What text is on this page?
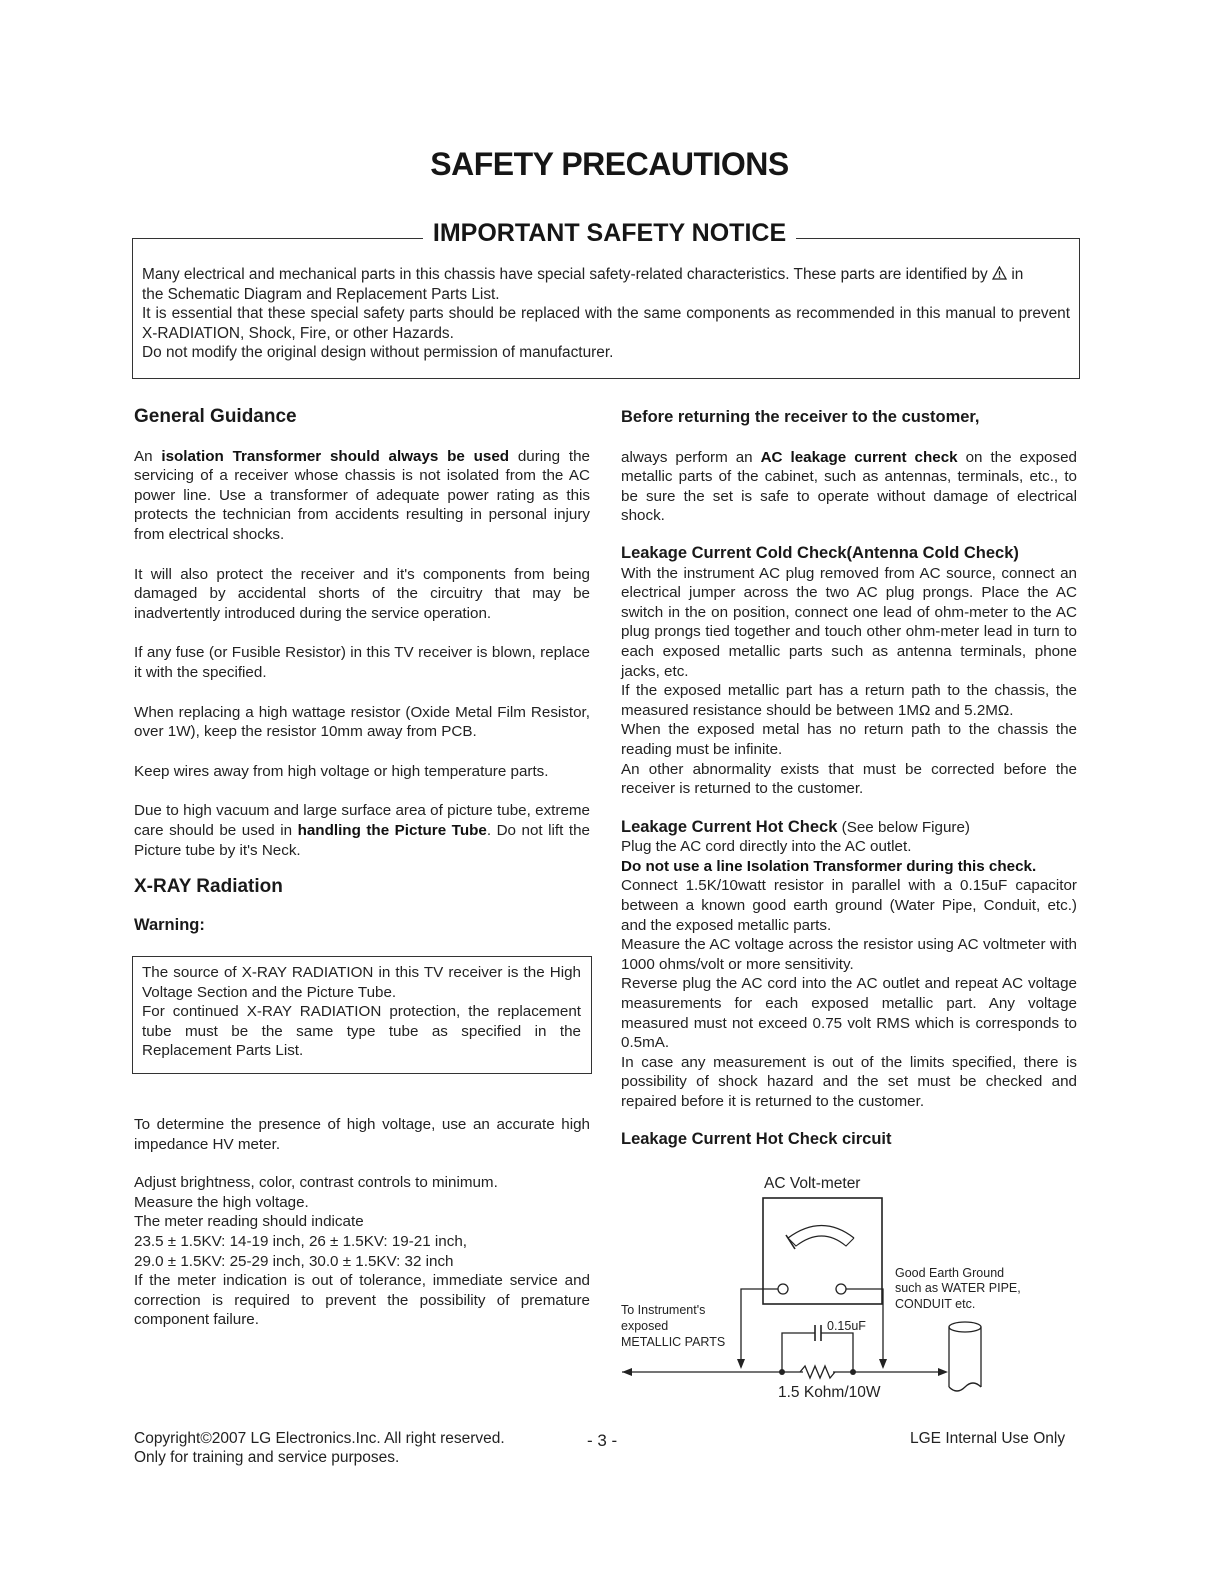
SAFETY PRECAUTIONS
IMPORTANT SAFETY NOTICE

Many electrical and mechanical parts in this chassis have special safety-related characteristics. These parts are identified by in

the Schematic Diagram and Replacement Parts List.

It is essential that these special safety parts should be replaced with the same components as recommended in this manual to prevent X-RADIATION, Shock, Fire, or other Hazards.

Do not modify the original design without permission of manufacturer.

General Guidance

An isolation Transformer should always be used during the servicing of a receiver whose chassis is not isolated from the AC power line. Use a transformer of adequate power rating as this protects the technician from accidents resulting in personal injury from electrical shocks.

It will also protect the receiver and it's components from being damaged by accidental shorts of the circuitry that may be inadvertently introduced during the service operation.

If any fuse (or Fusible Resistor) in this TV receiver is blown, replace it with the specified.

When replacing a high wattage resistor (Oxide Metal Film Resistor, over 1W), keep the resistor 10mm away from PCB.

Keep wires away from high voltage or high temperature parts.

Due to high vacuum and large surface area of picture tube, extreme care should be used in handling the Picture Tube. Do not lift the Picture tube by it's Neck.

X-RAY Radiation

Warning:

The source of X-RAY RADIATION in this TV receiver is the High Voltage Section and the Picture Tube.

For continued X-RAY RADIATION protection, the replacement tube must be the same type tube as specified in the Replacement Parts List.

To determine the presence of high voltage, use an accurate high impedance HV meter.

Adjust brightness, color, contrast controls to minimum.

Measure the high voltage.

The meter reading should indicate

23.5 ± 1.5KV: 14-19 inch, 26 ± 1.5KV: 19-21 inch,

29.0 ± 1.5KV: 25-29 inch, 30.0 ± 1.5KV: 32 inch

If the meter indication is out of tolerance, immediate service and correction is required to prevent the possibility of premature component failure.

Before returning the receiver to the customer,

always perform an AC leakage current check on the exposed metallic parts of the cabinet, such as antennas, terminals, etc., to be sure the set is safe to operate without damage of electrical shock.

Leakage Current Cold Check(Antenna Cold Check)

With the instrument AC plug removed from AC source, connect an electrical jumper across the two AC plug prongs. Place the AC switch in the on position, connect one lead of ohm-meter to the AC plug prongs tied together and touch other ohm-meter lead in turn to each exposed metallic parts such as antenna terminals, phone jacks, etc.

If the exposed metallic part has a return path to the chassis, the measured resistance should be between 1MΩ and 5.2MΩ.

When the exposed metal has no return path to the chassis the reading must be infinite.

An other abnormality exists that must be corrected before the receiver is returned to the customer.

Leakage Current Hot Check (See below Figure)

Plug the AC cord directly into the AC outlet.

Do not use a line Isolation Transformer during this check.

Connect 1.5K/10watt resistor in parallel with a 0.15uF capacitor between a known good earth ground (Water Pipe, Conduit, etc.) and the exposed metallic parts.

Measure the AC voltage across the resistor using AC voltmeter with 1000 ohms/volt or more sensitivity.

Reverse plug the AC cord into the AC outlet and repeat AC voltage measurements for each exposed metallic part. Any voltage measured must not exceed 0.75 volt RMS which is corresponds to 0.5mA.

In case any measurement is out of the limits specified, there is possibility of shock hazard and the set must be checked and repaired before it is returned to the customer.

Leakage Current Hot Check circuit

AC Volt-meter
0.15uF
1.5 Kohm/10W
To Instrument's
exposed
METALLIC PARTS
Good Earth Ground
such as WATER PIPE,
CONDUIT etc.
Copyright©2007 LG Electronics.Inc. All right reserved.
Only for training and service purposes.
- 3 -	LGE Internal Use Only
